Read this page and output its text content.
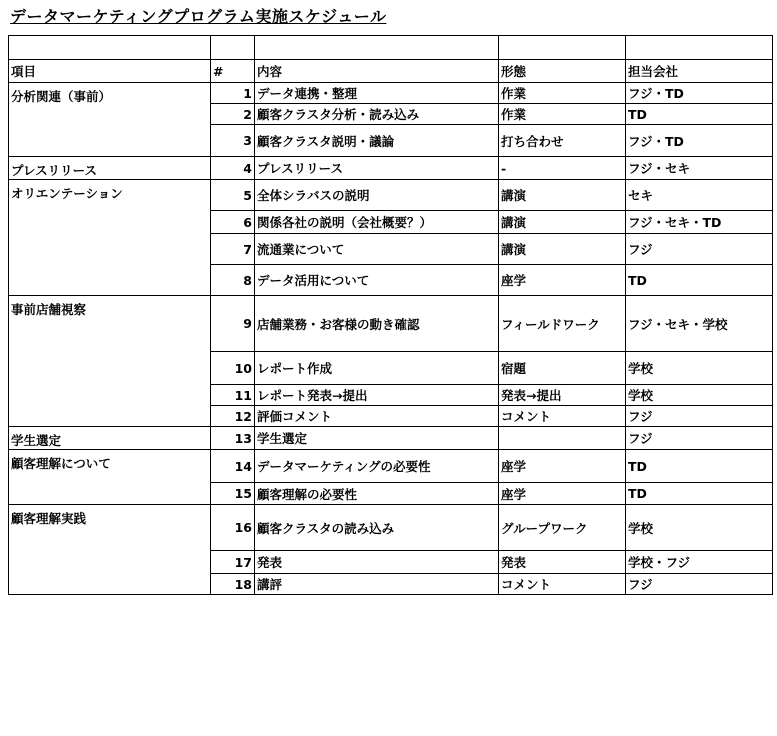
データマーケティングプログラム実施スケジュール

項目	#	内容	形態	担当会社
分析関連（事前）	1	データ連携・整理	作業	フジ・TD
	2	顧客クラスタ分析・読み込み	作業	TD
	3	顧客クラスタ説明・議論	打ち合わせ	フジ・TD
プレスリリース	4	プレスリリース	-	フジ・セキ
オリエンテーション	5	全体シラバスの説明	講演	セキ
	6	関係各社の説明（会社概要？）	講演	フジ・セキ・TD
	7	流通業について	講演	フジ
	8	データ活用について	座学	TD
事前店舗視察	9	店舗業務・お客様の動き確認	フィールドワーク	フジ・セキ・学校
	10	レポート作成	宿題	学校
	11	レポート発表→提出	発表→提出	学校
	12	評価コメント	コメント	フジ
学生選定	13	学生選定		フジ
顧客理解について	14	データマーケティングの必要性	座学	TD
	15	顧客理解の必要性	座学	TD
顧客理解実践	16	顧客クラスタの読み込み	グループワーク	学校
	17	発表	発表	学校・フジ
	18	講評	コメント	フジ
